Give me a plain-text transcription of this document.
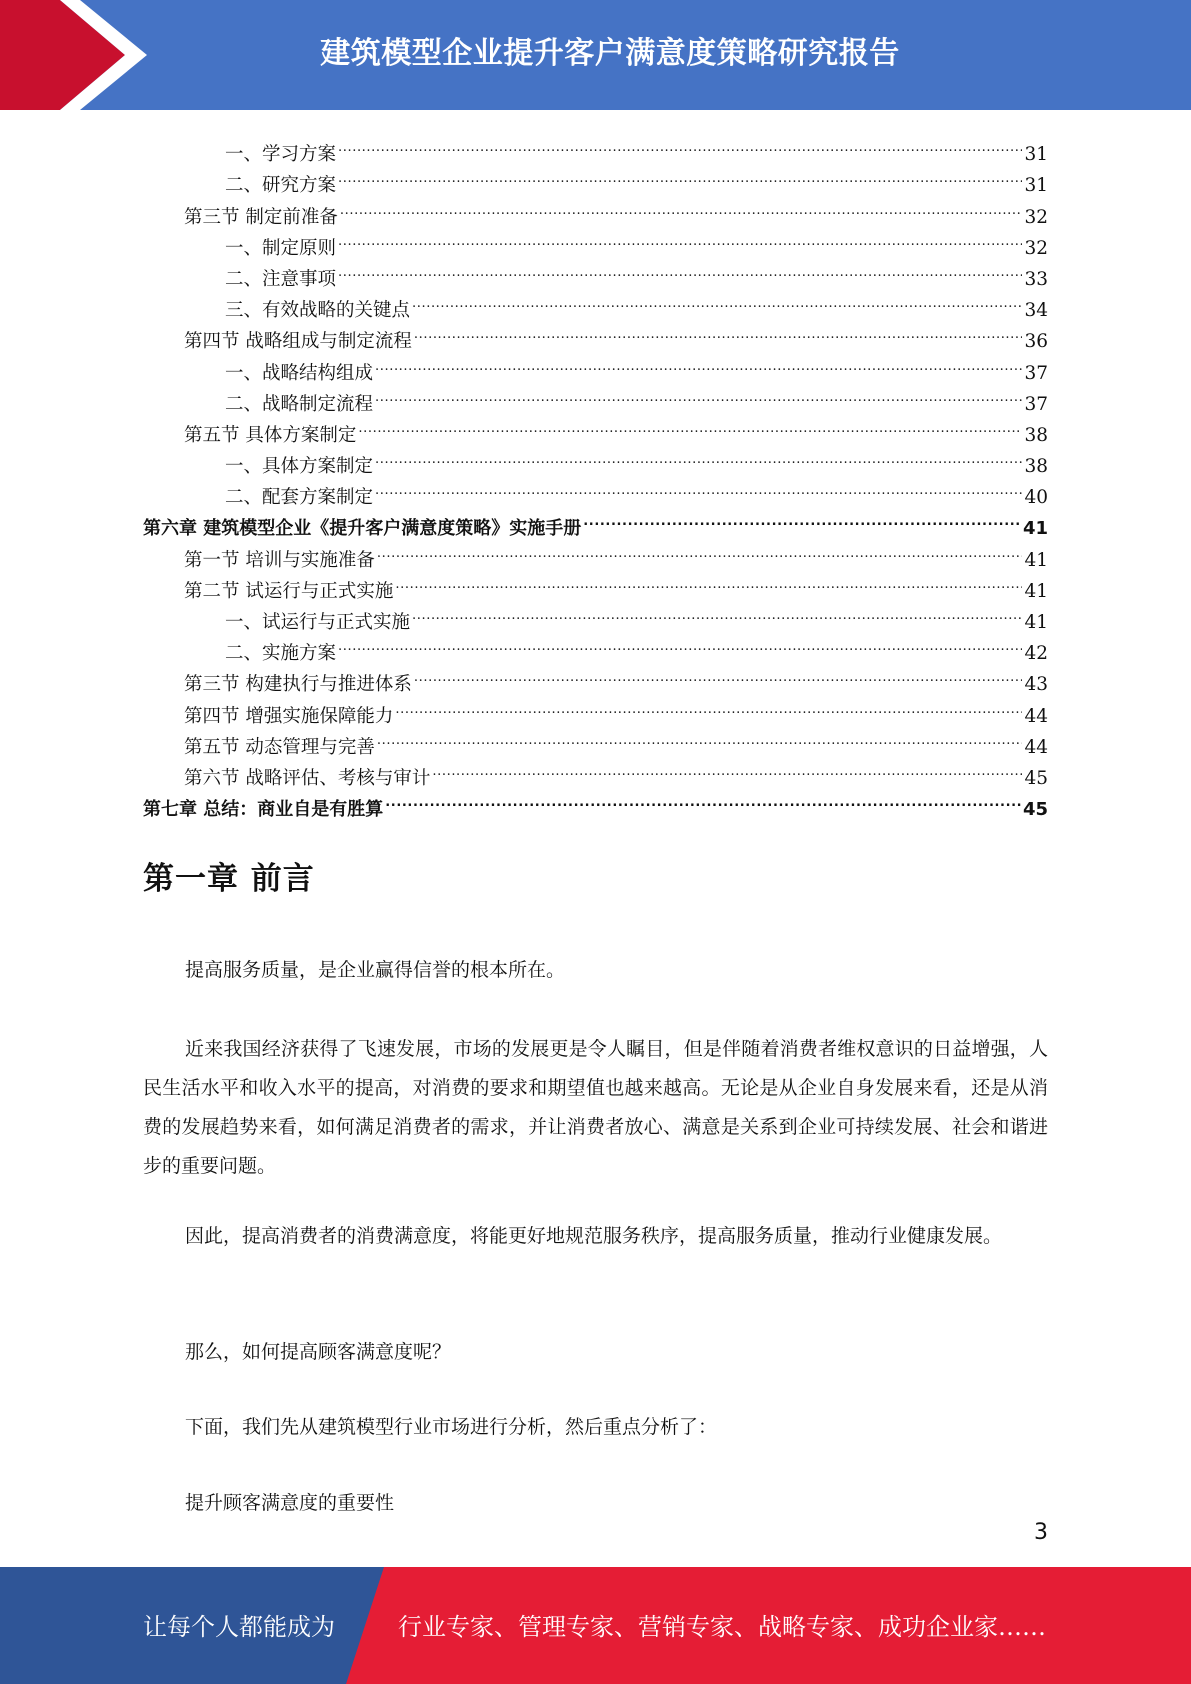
建筑模型企业提升客户满意度策略研究报告
一、学习方案 .....	31
二、研究方案 .....	31
第三节 制定前准备 .....	32
一、制定原则 .....	32
二、注意事项 .....	33
三、有效战略的关键点 .....	34
第四节 战略组成与制定流程 .....	36
一、战略结构组成 .....	37
二、战略制定流程 .....	37
第五节 具体方案制定 .....	38
一、具体方案制定 .....	38
二、配套方案制定 .....	40
第六章 建筑模型企业《提升客户满意度策略》实施手册 .....	41
第一节 培训与实施准备 .....	41
第二节 试运行与正式实施 .....	41
一、试运行与正式实施 .....	41
二、实施方案 .....	42
第三节 构建执行与推进体系 .....	43
第四节 增强实施保障能力 .....	44
第五节 动态管理与完善 .....	44
第六节 战略评估、考核与审计 .....	45
第七章 总结：商业自是有胜算 .....	45
第一章 前言
提高服务质量，是企业赢得信誉的根本所在。
近来我国经济获得了飞速发展，市场的发展更是令人瞩目，但是伴随着消费者维权意识的日益增强，人民生活水平和收入水平的提高，对消费的要求和期望值也越来越高。无论是从企业自身发展来看，还是从消费的发展趋势来看，如何满足消费者的需求，并让消费者放心、满意是关系到企业可持续发展、社会和谐进步的重要问题。
因此，提高消费者的消费满意度，将能更好地规范服务秩序，提高服务质量，推动行业健康发展。
那么，如何提高顾客满意度呢？
下面，我们先从建筑模型行业市场进行分析，然后重点分析了：
提升顾客满意度的重要性
3
让每个人都能成为	行业专家、管理专家、营销专家、战略专家、成功企业家……
